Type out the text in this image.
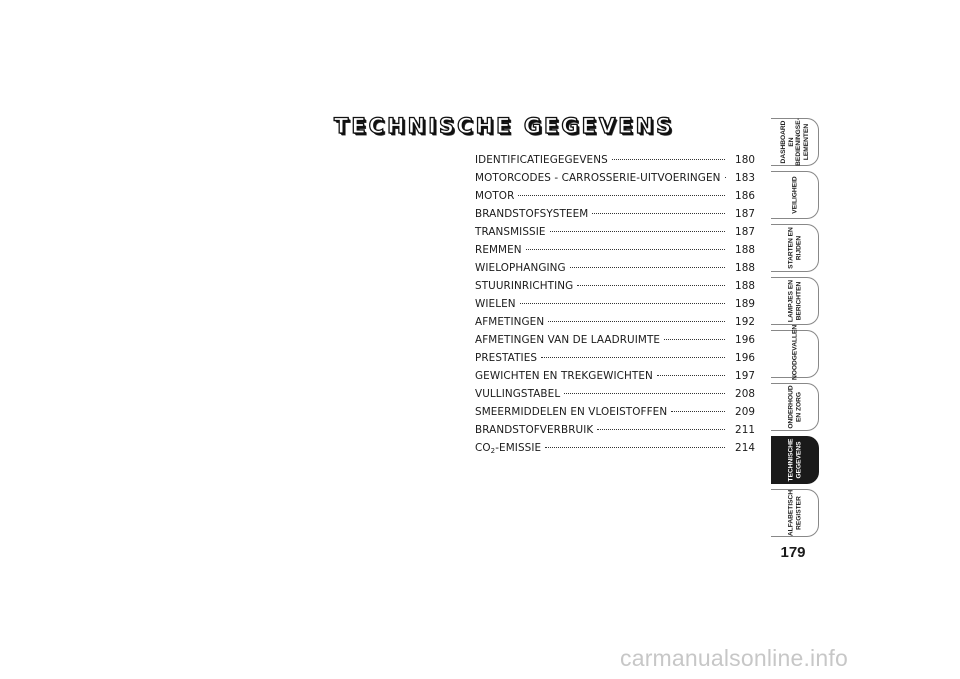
TECHNISCHE GEGEVENS
IDENTIFICATIEGEGEVENS	180
MOTORCODES - CARROSSERIE-UITVOERINGEN 183
MOTOR	186
BRANDSTOFSYSTEEM	187
TRANSMISSIE	187
REMMEN	188
WIELOPHANGING	188
STUURINRICHTING	188
WIELEN	189
AFMETINGEN	192
AFMETINGEN VAN DE LAADRUIMTE	196
PRESTATIES	196
GEWICHTEN EN TREKGEWICHTEN	197
VULLINGSTABEL	208
SMEERMIDDELEN EN VLOEISTOFFEN	209
BRANDSTOFVERBRUIK	211
$CO_2$-EMISSIE	214
DASHBOARD EN
BEDIENINGSE-
LEMENTEN
VEILIGHEID
STARTEN EN
RIJDEN
LAMPJES EN
BERICHTEN
NOODGEVALLEN
ONDERHOUD
EN ZORG
TECHNISCHE
GEGEVENS
ALFABETISCH
REGISTER
179
carmanualsonline.info
